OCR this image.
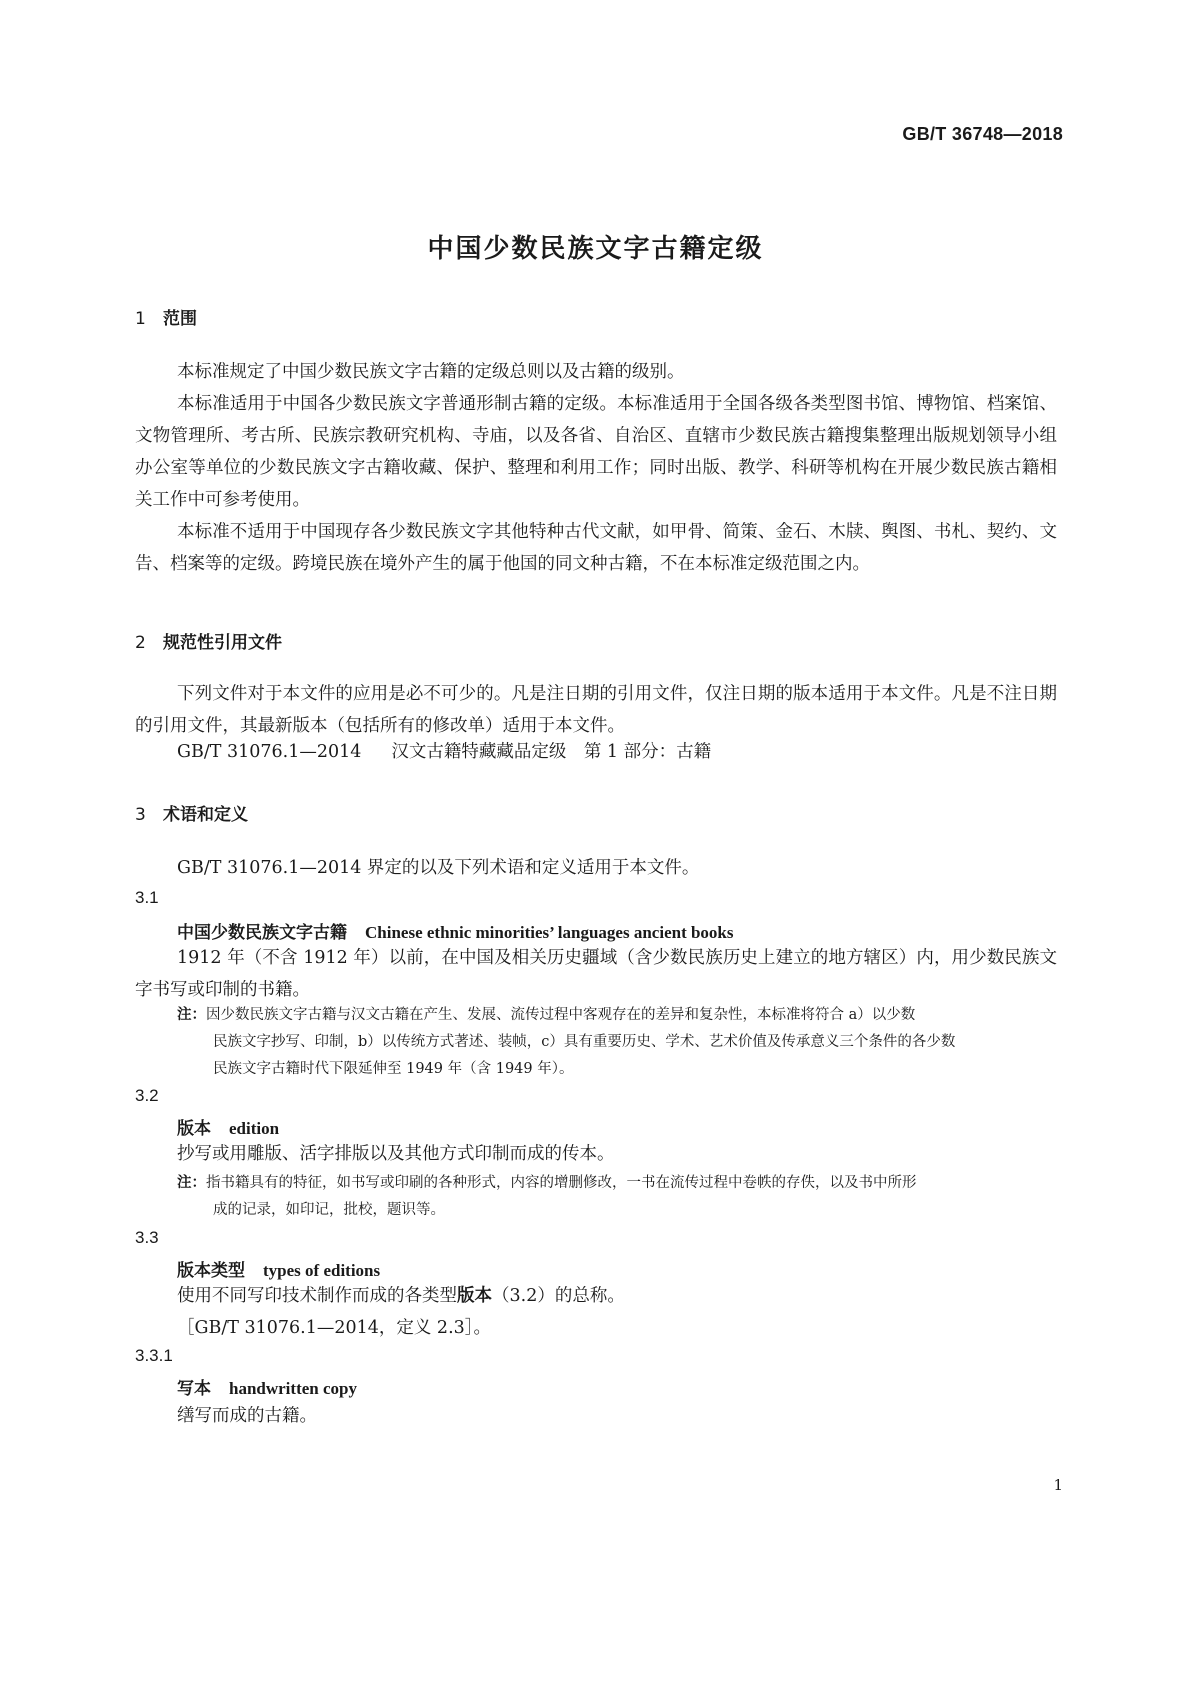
GB/T 36748—2018
中国少数民族文字古籍定级
1 范围
本标准规定了中国少数民族文字古籍的定级总则以及古籍的级别。
本标准适用于中国各少数民族文字普通形制古籍的定级。本标准适用于全国各级各类型图书馆、博物馆、档案馆、文物管理所、考古所、民族宗教研究机构、寺庙，以及各省、自治区、直辖市少数民族古籍搜集整理出版规划领导小组办公室等单位的少数民族文字古籍收藏、保护、整理和利用工作；同时出版、教学、科研等机构在开展少数民族古籍相关工作中可参考使用。
本标准不适用于中国现存各少数民族文字其他特种古代文献，如甲骨、简策、金石、木牍、舆图、书札、契约、文告、档案等的定级。跨境民族在境外产生的属于他国的同文种古籍，不在本标准定级范围之内。
2 规范性引用文件
下列文件对于本文件的应用是必不可少的。凡是注日期的引用文件，仅注日期的版本适用于本文件。凡是不注日期的引用文件，其最新版本（包括所有的修改单）适用于本文件。
GB/T 31076.1—2014 汉文古籍特藏藏品定级　第 1 部分：古籍
3 术语和定义
GB/T 31076.1—2014 界定的以及下列术语和定义适用于本文件。
3.1
中国少数民族文字古籍 Chinese ethnic minorities’ languages ancient books
1912 年（不含 1912 年）以前，在中国及相关历史疆域（含少数民族历史上建立的地方辖区）内，用少数民族文字书写或印制的书籍。
注：因少数民族文字古籍与汉文古籍在产生、发展、流传过程中客观存在的差异和复杂性，本标准将符合 a）以少数
民族文字抄写、印制，b）以传统方式著述、装帧，c）具有重要历史、学术、艺术价值及传承意义三个条件的各少数
民族文字古籍时代下限延伸至 1949 年（含 1949 年）。
3.2
版本 edition
抄写或用雕版、活字排版以及其他方式印制而成的传本。
注：指书籍具有的特征，如书写或印刷的各种形式，内容的增删修改，一书在流传过程中卷帙的存佚，以及书中所形
成的记录，如印记，批校，题识等。
3.3
版本类型 types of editions
使用不同写印技术制作而成的各类型版本（3.2）的总称。
［GB/T 31076.1—2014，定义 2.3］。
3.3.1
写本 handwritten copy
缮写而成的古籍。
1
